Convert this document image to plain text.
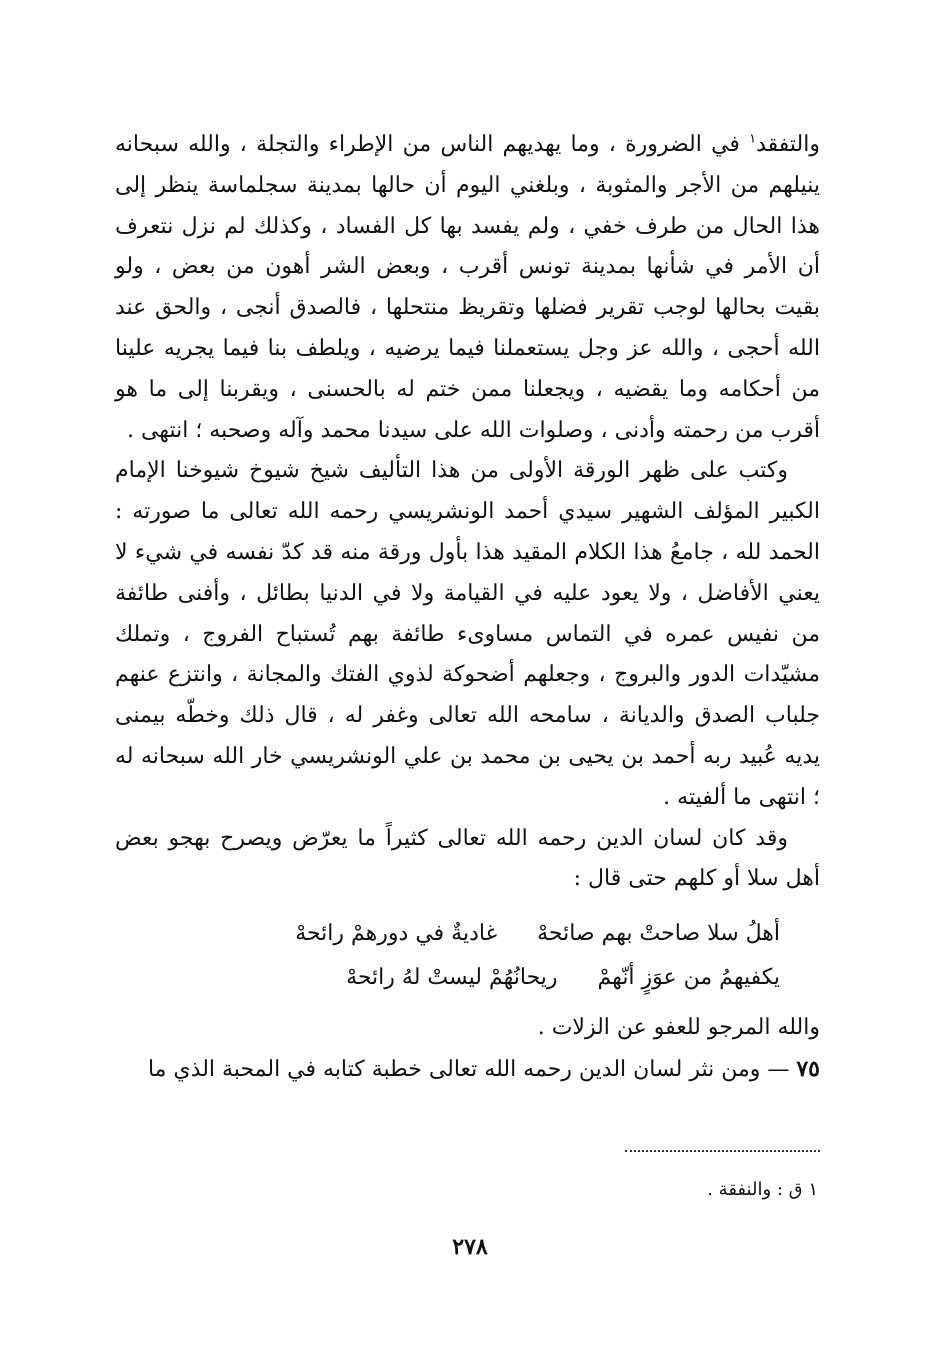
والتفقد$^١$ في الضرورة ، وما يهديهم الناس من الإطراء والتجلة ، والله سبحانه ينيلهم من الأجر والمثوبة ، وبلغني اليوم أن حالها بمدينة سجلماسة ينظر إلى هذا الحال من طرف خفي ، ولم يفسد بها كل الفساد ، وكذلك لم نزل نتعرف أن الأمر في شأنها بمدينة تونس أقرب ، وبعض الشر أهون من بعض ، ولو بقيت بحالها لوجب تقرير فضلها وتقريظ منتحلها ، فالصدق أنجى ، والحق عند الله أحجى ، والله عز وجل يستعملنا فيما يرضيه ، ويلطف بنا فيما يجريه علينا من أحكامه وما يقضيه ، ويجعلنا ممن ختم له بالحسنى ، ويقربنا إلى ما هو أقرب من رحمته وأدنى ، وصلوات الله على سيدنا محمد وآله وصحبه ؛ انتهى .

وكتب على ظهر الورقة الأولى من هذا التأليف شيخ شيوخ شيوخنا الإمام الكبير المؤلف الشهير سيدي أحمد الونشريسي رحمه الله تعالى ما صورته : الحمد لله ، جامعُ هذا الكلام المقيد هذا بأول ورقة منه قد كدّ نفسه في شيء لا يعني الأفاضل ، ولا يعود عليه في القيامة ولا في الدنيا بطائل ، وأفنى طائفة من نفيس عمره في التماس مساوىء طائفة بهم تُستباح الفروج ، وتملك مشيّدات الدور والبروج ، وجعلهم أضحوكة لذوي الفتك والمجانة ، وانتزع عنهم جلباب الصدق والديانة ، سامحه الله تعالى وغفر له ، قال ذلك وخطّه بيمنى يديه عُبيد ربه أحمد بن يحيى بن محمد بن علي الونشريسي خار الله سبحانه له ؛ انتهى ما ألفيته .

وقد كان لسان الدين رحمه الله تعالى كثيراً ما يعرّض ويصرح بهجو بعض أهل سلا أو كلهم حتى قال :

أهلُ سلا صاحتْ بهم صائحهْ
غاديةٌ في دورهمْ رائحهْ
يكفيهمُ من عوَزٍ أنّهمْ
ريحانُهُمْ ليستْ لهُ رائحهْ

والله المرجو للعفو عن الزلات .

٧٥ — ومن نثر لسان الدين رحمه الله تعالى خطبة كتابه في المحبة الذي ما

١ ق : والنفقة .
٢٧٨
